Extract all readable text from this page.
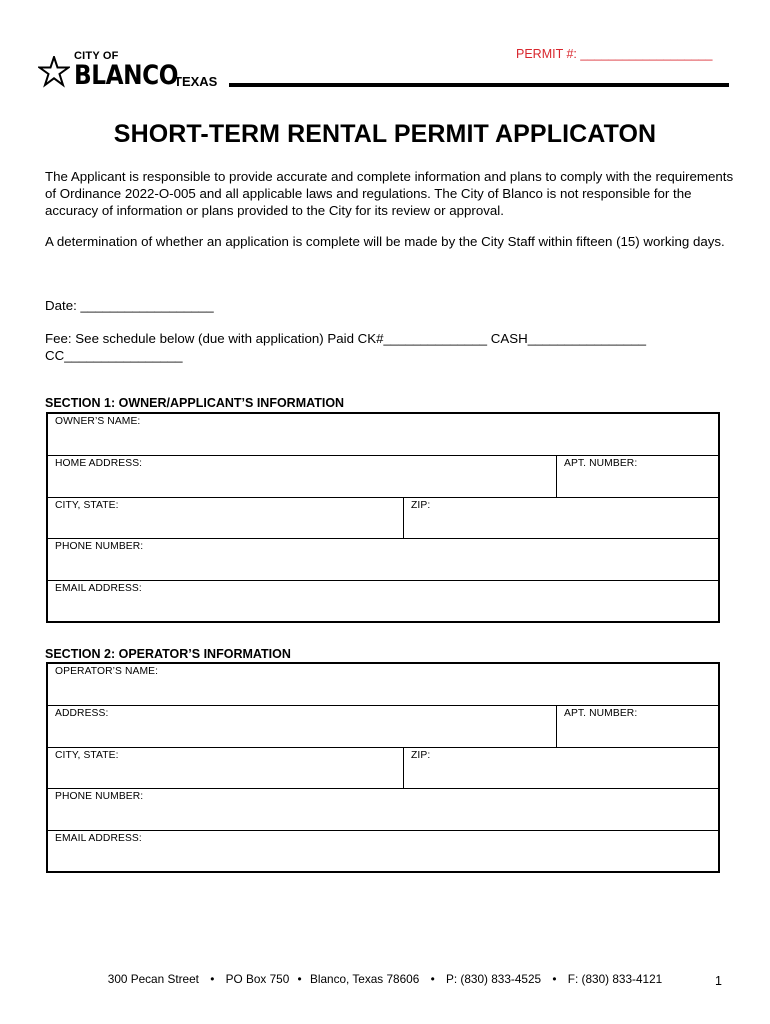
CITY OF
BLANCO
TEXAS
PERMIT #: ___________________
SHORT-TERM RENTAL PERMIT APPLICATON
The Applicant is responsible to provide accurate and complete information and plans to comply with the requirements of Ordinance 2022-O-005 and all applicable laws and regulations. The City of Blanco is not responsible for the accuracy of information or plans provided to the City for its review or approval.
A determination of whether an application is complete will be made by the City Staff within fifteen (15) working days.
Date: __________________
Fee: See schedule below (due with application) Paid CK#______________ CASH________________ CC________________
SECTION 1: OWNER/APPLICANT’S INFORMATION
OWNER’S NAME:
HOME ADDRESS:	APT. NUMBER:
CITY, STATE:	ZIP:
PHONE NUMBER:
EMAIL ADDRESS:
SECTION 2: OPERATOR’S INFORMATION
OPERATOR’S NAME:
ADDRESS:	APT. NUMBER:
CITY, STATE:	ZIP:
PHONE NUMBER:
EMAIL ADDRESS:
300 Pecan Street • PO Box 750 • Blanco, Texas 78606 • P: (830) 833-4525 • F: (830) 833-4121	1
